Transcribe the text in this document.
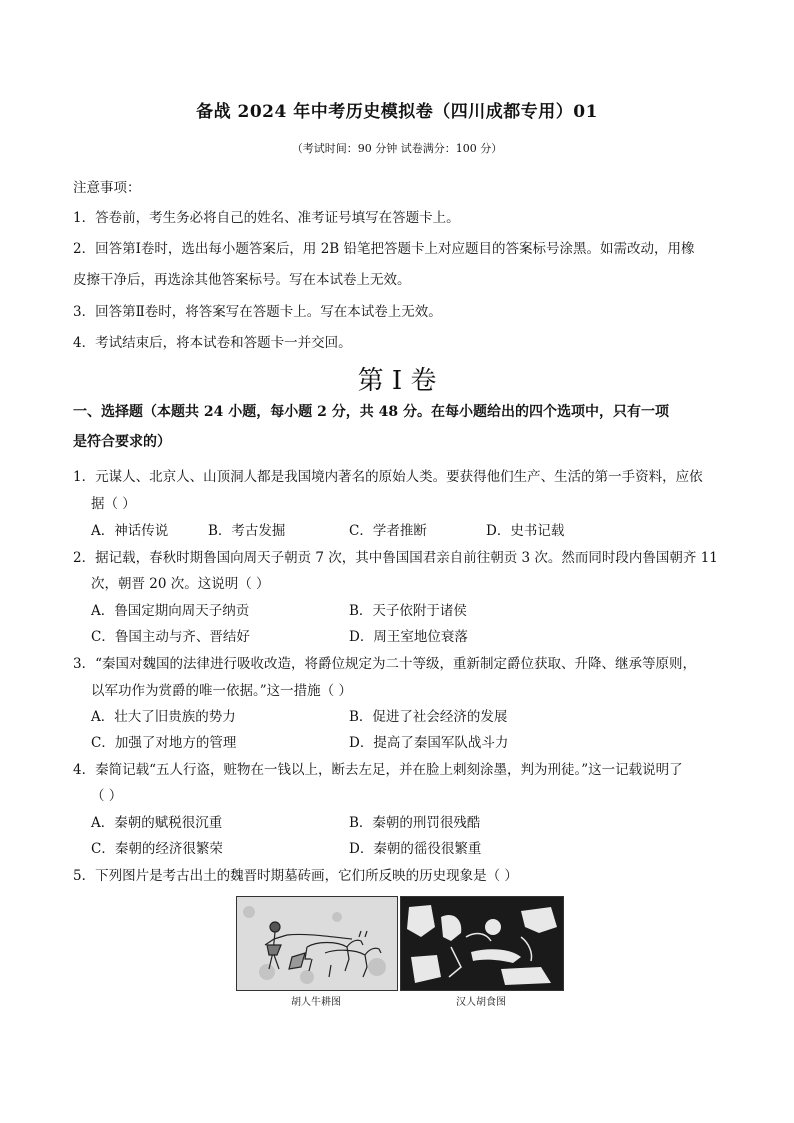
备战 2024 年中考历史模拟卷（四川成都专用）01
（考试时间：90 分钟 试卷满分：100 分）
注意事项：
1．答卷前，考生务必将自己的姓名、准考证号填写在答题卡上。
2．回答第Ⅰ卷时，选出每小题答案后，用 2B 铅笔把答题卡上对应题目的答案标号涂黑。如需改动，用橡
皮擦干净后，再选涂其他答案标号。写在本试卷上无效。
3．回答第Ⅱ卷时，将答案写在答题卡上。写在本试卷上无效。
4．考试结束后，将本试卷和答题卡一并交回。
第 I 卷
一、选择题（本题共 24 小题，每小题 2 分，共 48 分。在每小题给出的四个选项中，只有一项
是符合要求的）
1．元谋人、北京人、山顶洞人都是我国境内著名的原始人类。要获得他们生产、生活的第一手资料，应依
据（ ）
A．神话传说	B．考古发掘	C．学者推断	D．史书记载
2．据记载，春秋时期鲁国向周天子朝贡 7 次，其中鲁国国君亲自前往朝贡 3 次。然而同时段内鲁国朝齐 11
次，朝晋 20 次。这说明（ ）
A．鲁国定期向周天子纳贡	B．天子依附于诸侯
C．鲁国主动与齐、晋结好	D．周王室地位衰落
3．“秦国对魏国的法律进行吸收改造，将爵位规定为二十等级，重新制定爵位获取、升降、继承等原则，
以军功作为赏爵的唯一依据。”这一措施（ ）
A．壮大了旧贵族的势力	B．促进了社会经济的发展
C．加强了对地方的管理	D．提高了秦国军队战斗力
4．秦简记载“五人行盗，赃物在一钱以上，断去左足，并在脸上刺刻涂墨，判为刑徒。”这一记载说明了
（ ）
A．秦朝的赋税很沉重	B．秦朝的刑罚很残酷
C．秦朝的经济很繁荣	D．秦朝的徭役很繁重
5．下列图片是考古出土的魏晋时期墓砖画，它们所反映的历史现象是（ ）
胡人牛耕图	汉人胡食图
